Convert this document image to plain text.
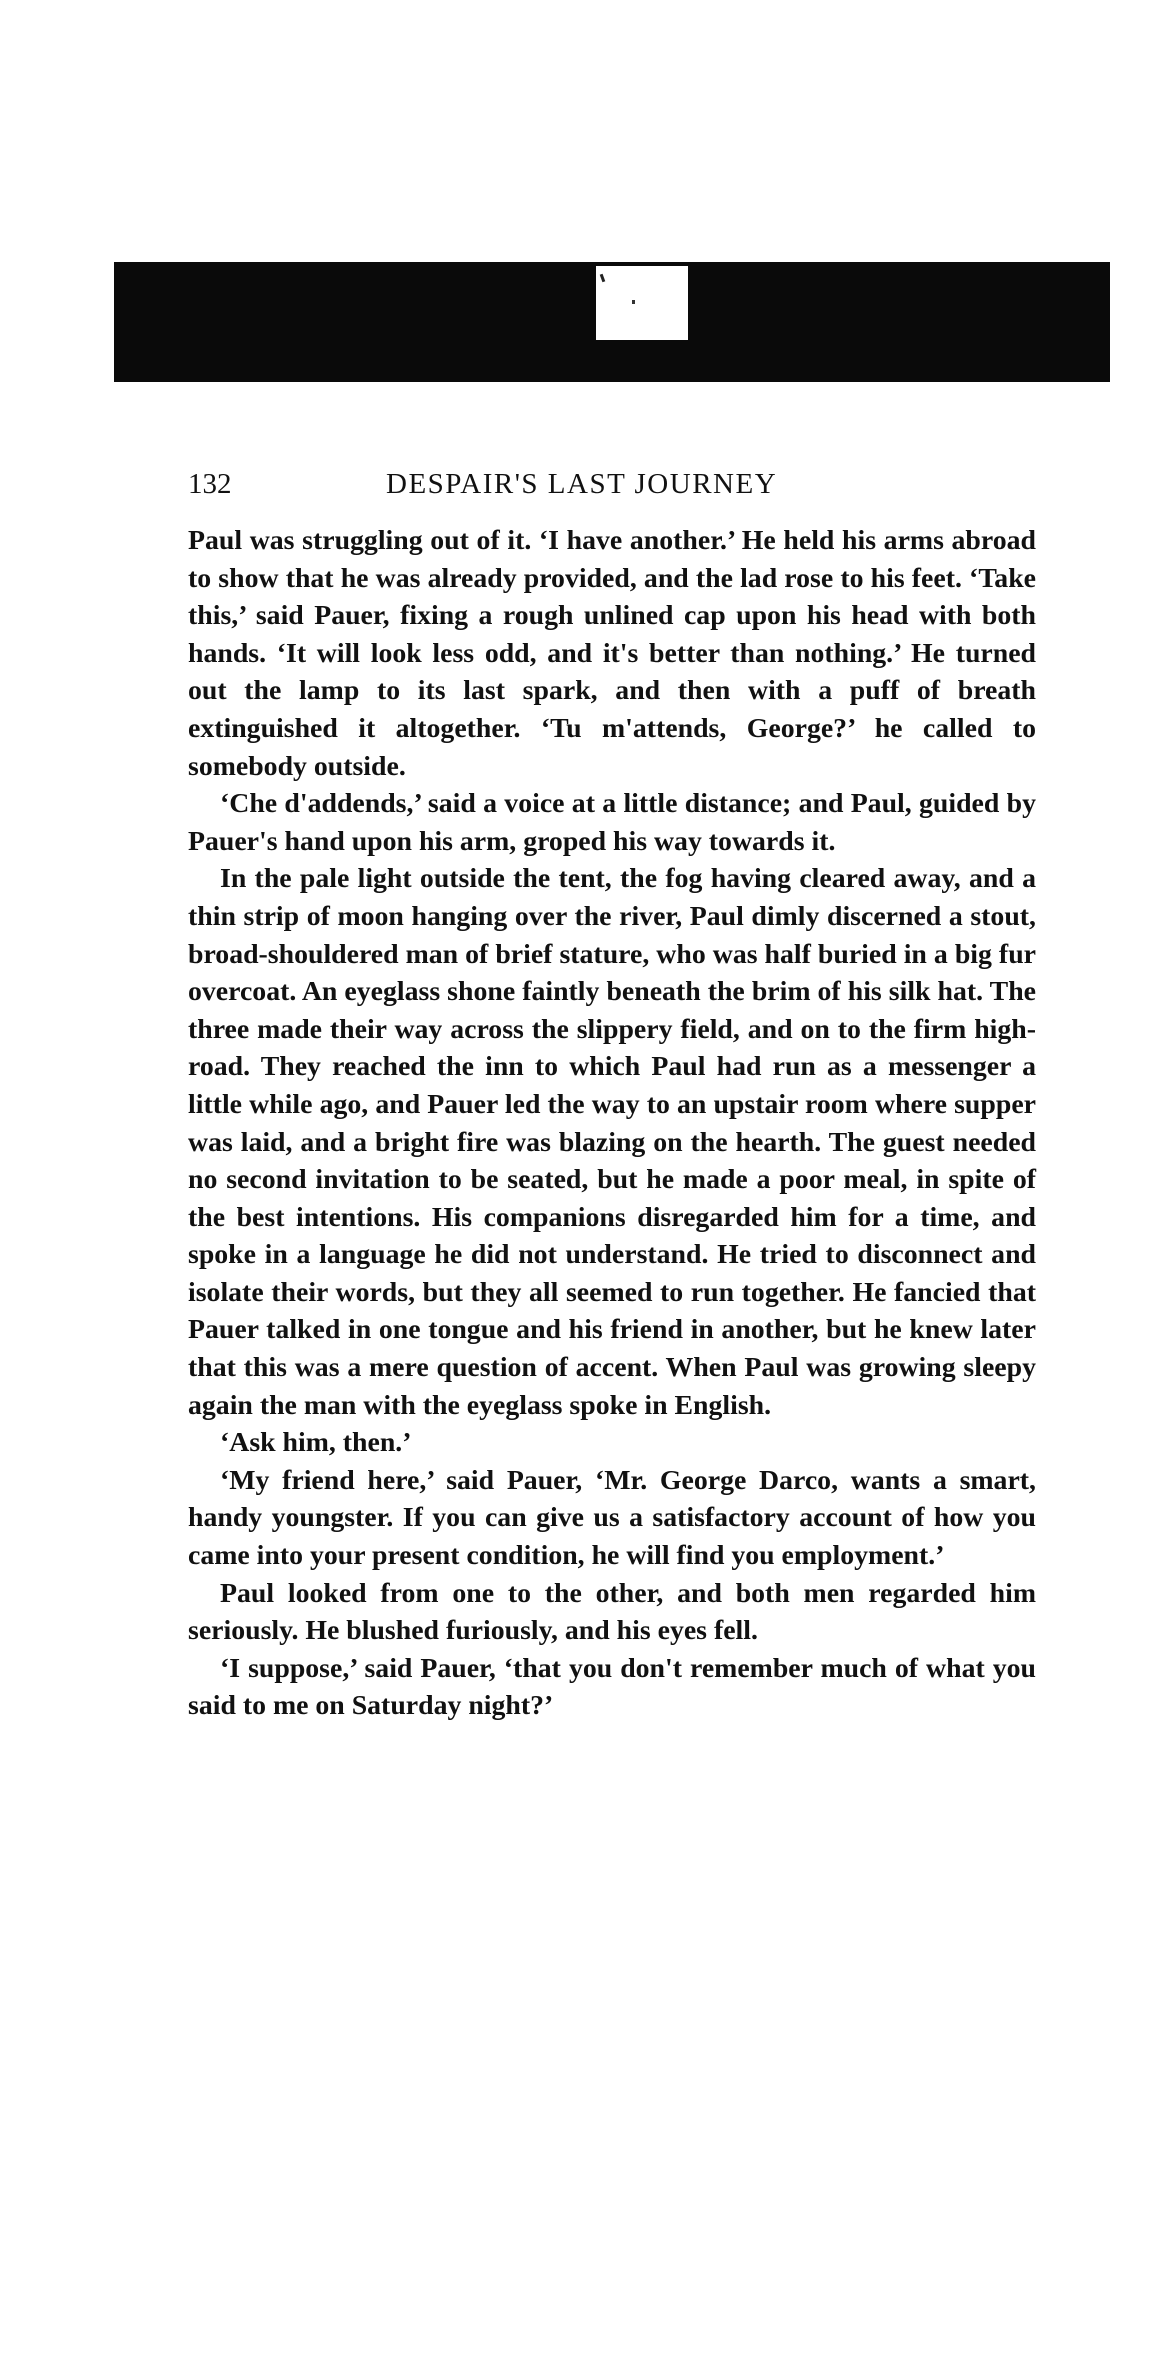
132	DESPAIR'S LAST JOURNEY

Paul was struggling out of it. ‘I have another.’ He held his arms abroad to show that he was already provided, and the lad rose to his feet. ‘Take this,’ said Pauer, fixing a rough unlined cap upon his head with both hands. ‘It will look less odd, and it's better than nothing.’ He turned out the lamp to its last spark, and then with a puff of breath extinguished it altogether. ‘Tu m'attends, George?’ he called to somebody outside.

‘Che d'addends,’ said a voice at a little distance; and Paul, guided by Pauer's hand upon his arm, groped his way towards it.

In the pale light outside the tent, the fog having cleared away, and a thin strip of moon hanging over the river, Paul dimly discerned a stout, broad-shouldered man of brief stature, who was half buried in a big fur overcoat. An eyeglass shone faintly beneath the brim of his silk hat. The three made their way across the slippery field, and on to the firm high-road. They reached the inn to which Paul had run as a messenger a little while ago, and Pauer led the way to an upstair room where supper was laid, and a bright fire was blazing on the hearth. The guest needed no second invitation to be seated, but he made a poor meal, in spite of the best intentions. His companions disregarded him for a time, and spoke in a language he did not understand. He tried to disconnect and isolate their words, but they all seemed to run together. He fancied that Pauer talked in one tongue and his friend in another, but he knew later that this was a mere question of accent. When Paul was growing sleepy again the man with the eyeglass spoke in English.

‘Ask him, then.’

‘My friend here,’ said Pauer, ‘Mr. George Darco, wants a smart, handy youngster. If you can give us a satisfactory account of how you came into your present condition, he will find you employment.’

Paul looked from one to the other, and both men regarded him seriously. He blushed furiously, and his eyes fell.

‘I suppose,’ said Pauer, ‘that you don't remember much of what you said to me on Saturday night?’
